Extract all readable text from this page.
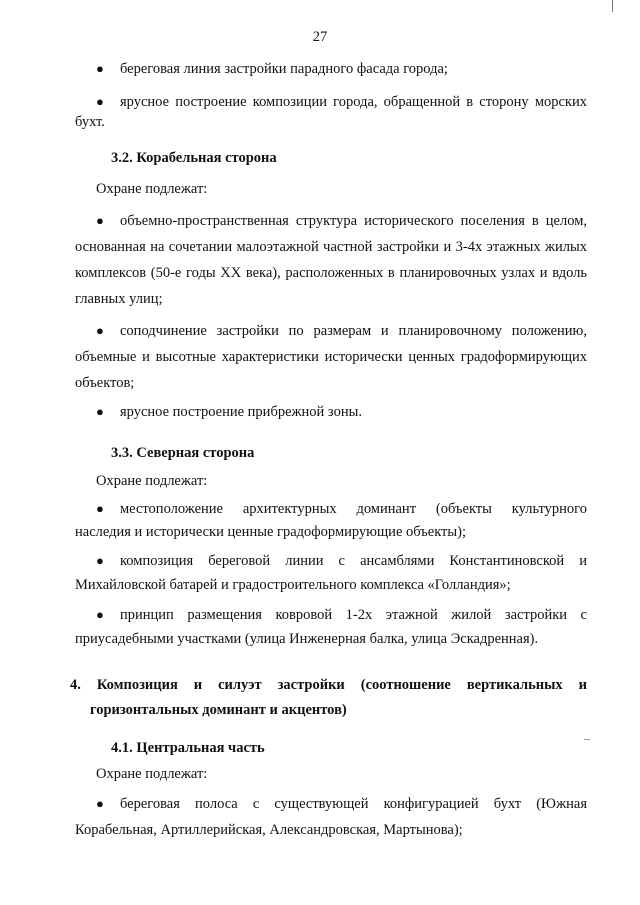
27
● береговая линия застройки парадного фасада города;
● ярусное построение композиции города, обращенной в сторону морских
бухт.
3.2. Корабельная сторона
Охране подлежат:
● объемно-пространственная структура исторического поселения в целом,
основанная на сочетании малоэтажной частной застройки и 3-4х этажных жилых
комплексов (50-е годы XX века), расположенных в планировочных узлах и вдоль
главных улиц;
● соподчинение застройки по размерам и планировочному положению,
объемные и высотные характеристики исторически ценных градоформирующих
объектов;
● ярусное построение прибрежной зоны.
3.3. Северная сторона
Охране подлежат:
● местоположение архитектурных доминант (объекты культурного
наследия и исторически ценные градоформирующие объекты);
● композиция береговой линии с ансамблями Константиновской и
Михайловской батарей и градостроительного комплекса «Голландия»;
● принцип размещения ковровой 1-2х этажной жилой застройки с
приусадебными участками (улица Инженерная балка, улица Эскадренная).
4. Композиция и силуэт застройки (соотношение вертикальных и
горизонтальных доминант и акцентов)
4.1. Центральная часть
Охране подлежат:
● береговая полоса с существующей конфигурацией бухт (Южная
Корабельная, Артиллерийская, Александровская, Мартынова);
